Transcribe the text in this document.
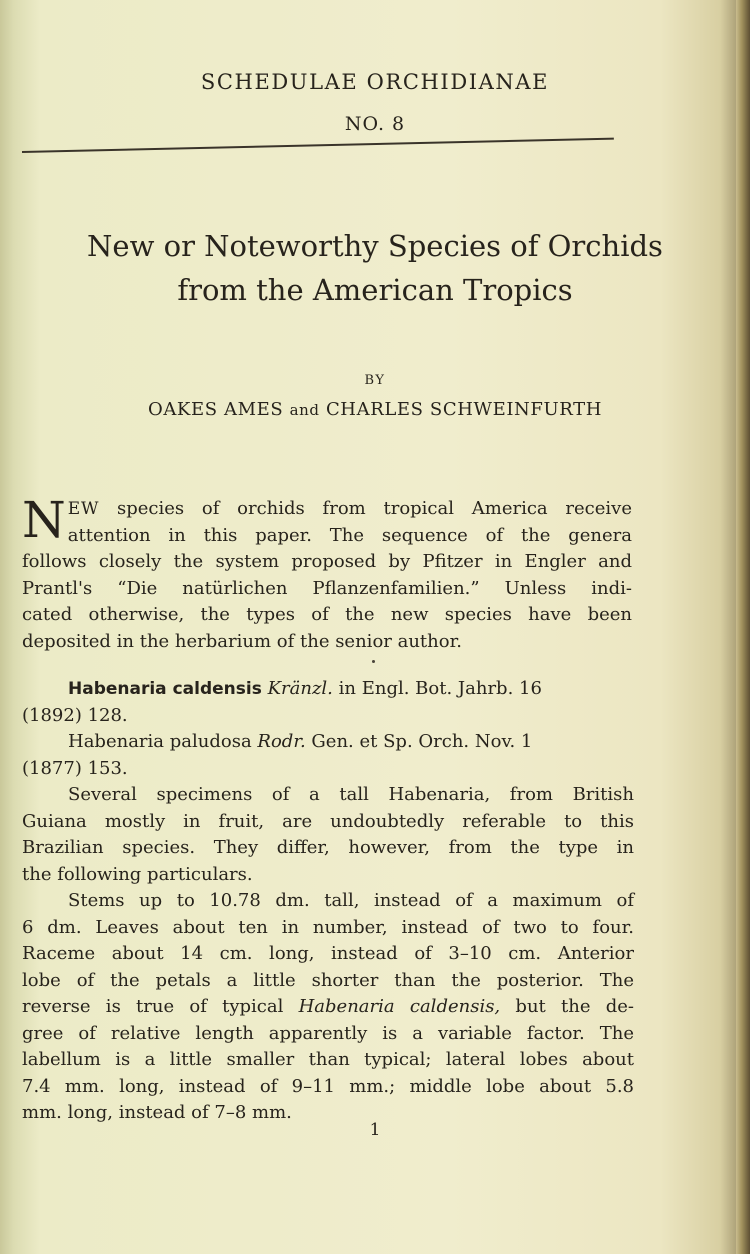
SCHEDULAE ORCHIDIANAE
NO. 8
New or Noteworthy Species of Orchids
from the American Tropics
BY
OAKES AMES and CHARLES SCHWEINFURTH
N EW species of orchids from tropical America receive
attention in this paper. The sequence of the genera
follows closely the system proposed by Pfitzer in Engler and
Prantl's “Die natürlichen Pflanzenfamilien.” Unless indi-
cated otherwise, the types of the new species have been
deposited in the herbarium of the senior author.
Habenaria caldensis Kränzl. in Engl. Bot. Jahrb. 16
(1892) 128.
Habenaria paludosa Rodr. Gen. et Sp. Orch. Nov. 1
(1877) 153.
Several specimens of a tall Habenaria, from British
Guiana mostly in fruit, are undoubtedly referable to this
Brazilian species. They differ, however, from the type in
the following particulars.
Stems up to 10.78 dm. tall, instead of a maximum of
6 dm. Leaves about ten in number, instead of two to four.
Raceme about 14 cm. long, instead of 3–10 cm. Anterior
lobe of the petals a little shorter than the posterior. The
reverse is true of typical Habenaria caldensis, but the de-
gree of relative length apparently is a variable factor. The
labellum is a little smaller than typical; lateral lobes about
7.4 mm. long, instead of 9–11 mm.; middle lobe about 5.8
mm. long, instead of 7–8 mm.
1
